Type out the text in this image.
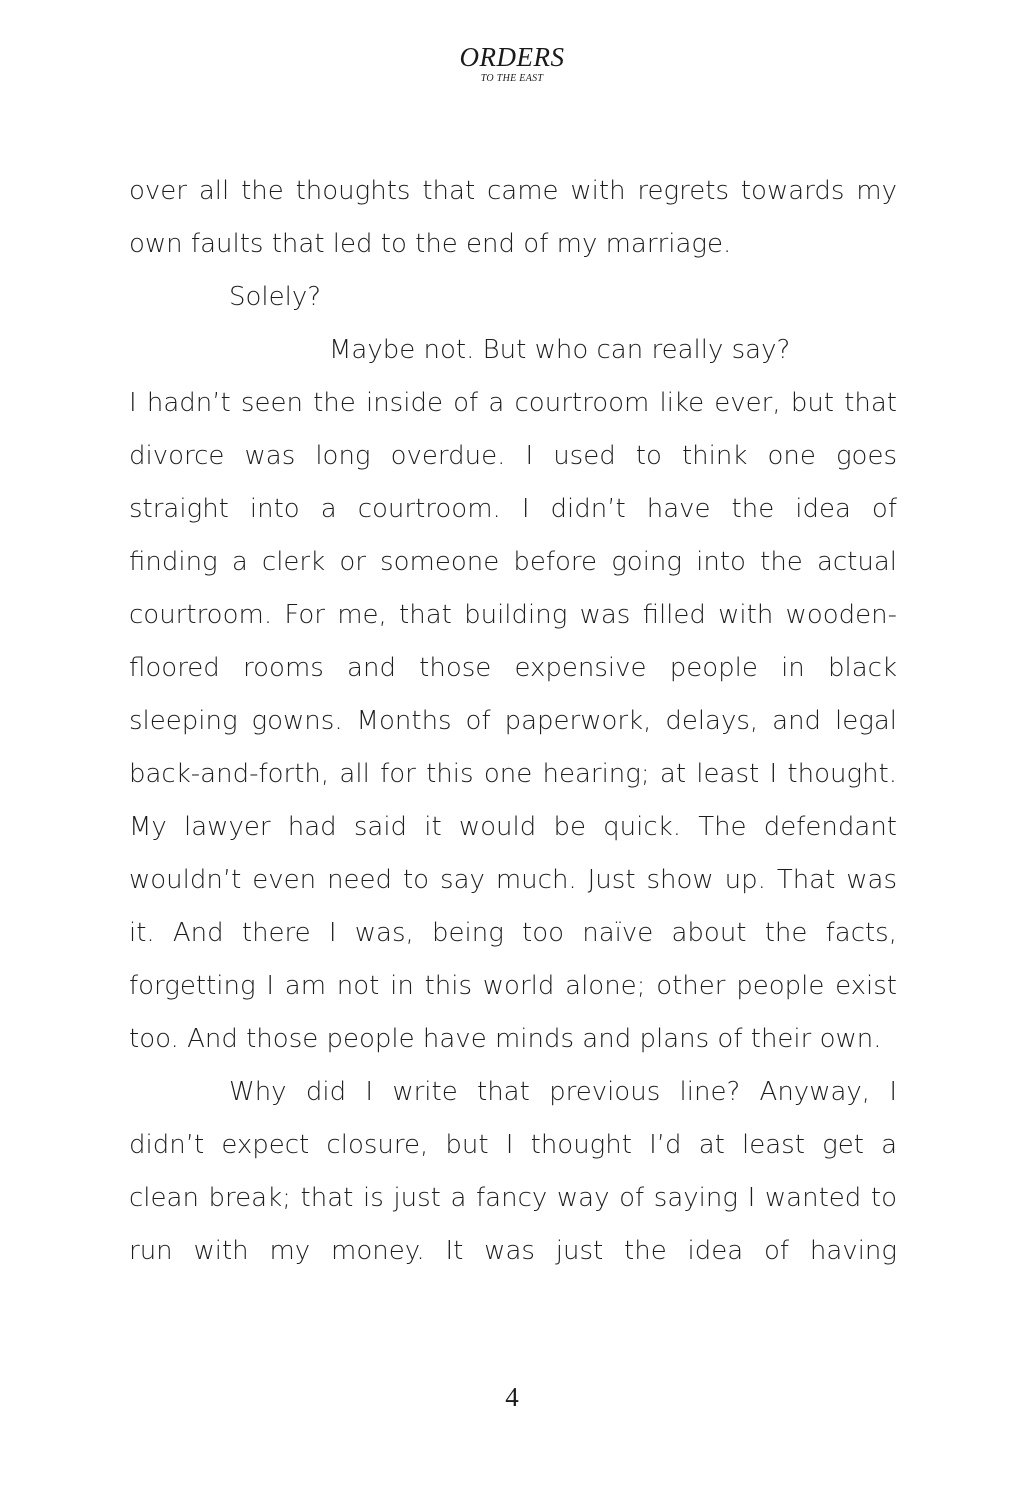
ORDERS
TO THE EAST
over all the thoughts that came with regrets towards my
own faults that led to the end of my marriage.
Solely?
Maybe not. But who can really say?
I hadn’t seen the inside of a courtroom like ever, but that
divorce was long overdue. I used to think one goes
straight into a courtroom. I didn’t have the idea of
finding a clerk or someone before going into the actual
courtroom. For me, that building was filled with wooden-
floored rooms and those expensive people in black
sleeping gowns. Months of paperwork, delays, and legal
back-and-forth, all for this one hearing; at least I thought.
My lawyer had said it would be quick. The defendant
wouldn’t even need to say much. Just show up. That was
it. And there I was, being too naïve about the facts,
forgetting I am not in this world alone; other people exist
too. And those people have minds and plans of their own.
Why did I write that previous line? Anyway, I
didn’t expect closure, but I thought I’d at least get a
clean break; that is just a fancy way of saying I wanted to
run with my money. It was just the idea of having
4
